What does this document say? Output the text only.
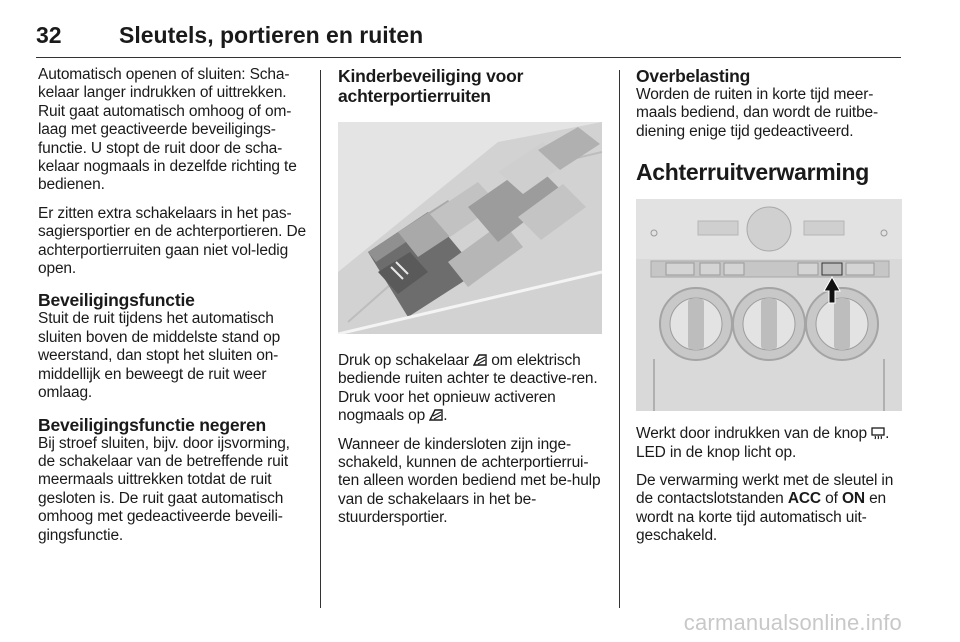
32 Sleutels, portieren en ruiten

Automatisch openen of sluiten: Scha-kelaar langer indrukken of uittrekken. Ruit gaat automatisch omhoog of om-laag met geactiveerde beveiligings-functie. U stopt de ruit door de scha-kelaar nogmaals in dezelfde richting te bedienen.

Er zitten extra schakelaars in het pas-sagiersportier en de achterportieren. De achterportierruiten gaan niet vol-ledig open.

Beveiligingsfunctie

Stuit de ruit tijdens het automatisch sluiten boven de middelste stand op weerstand, dan stopt het sluiten on-middellijk en beweegt de ruit weer omlaag.

Beveiligingsfunctie negeren

Bij stroef sluiten, bijv. door ijsvorming, de schakelaar van de betreffende ruit meermaals uittrekken totdat de ruit gesloten is. De ruit gaat automatisch omhoog met gedeactiveerde beveili-gingsfunctie.

Kinderbeveiliging voor achterportierruiten

Druk op schakelaar om elektrisch bediende ruiten achter te deactive-ren. Druk voor het opnieuw activeren nogmaals op .

Wanneer de kindersloten zijn inge-schakeld, kunnen de achterportierrui-ten alleen worden bediend met be-hulp van de schakelaars in het be-stuurdersportier.

Overbelasting

Worden de ruiten in korte tijd meer-maals bediend, dan wordt de ruitbe-diening enige tijd gedeactiveerd.

Achterruitverwarming

Werkt door indrukken van de knop . LED in de knop licht op.

De verwarming werkt met de sleutel in de contactslotstanden ACC of ON en wordt na korte tijd automatisch uit-geschakeld.

carmanualsonline.info
